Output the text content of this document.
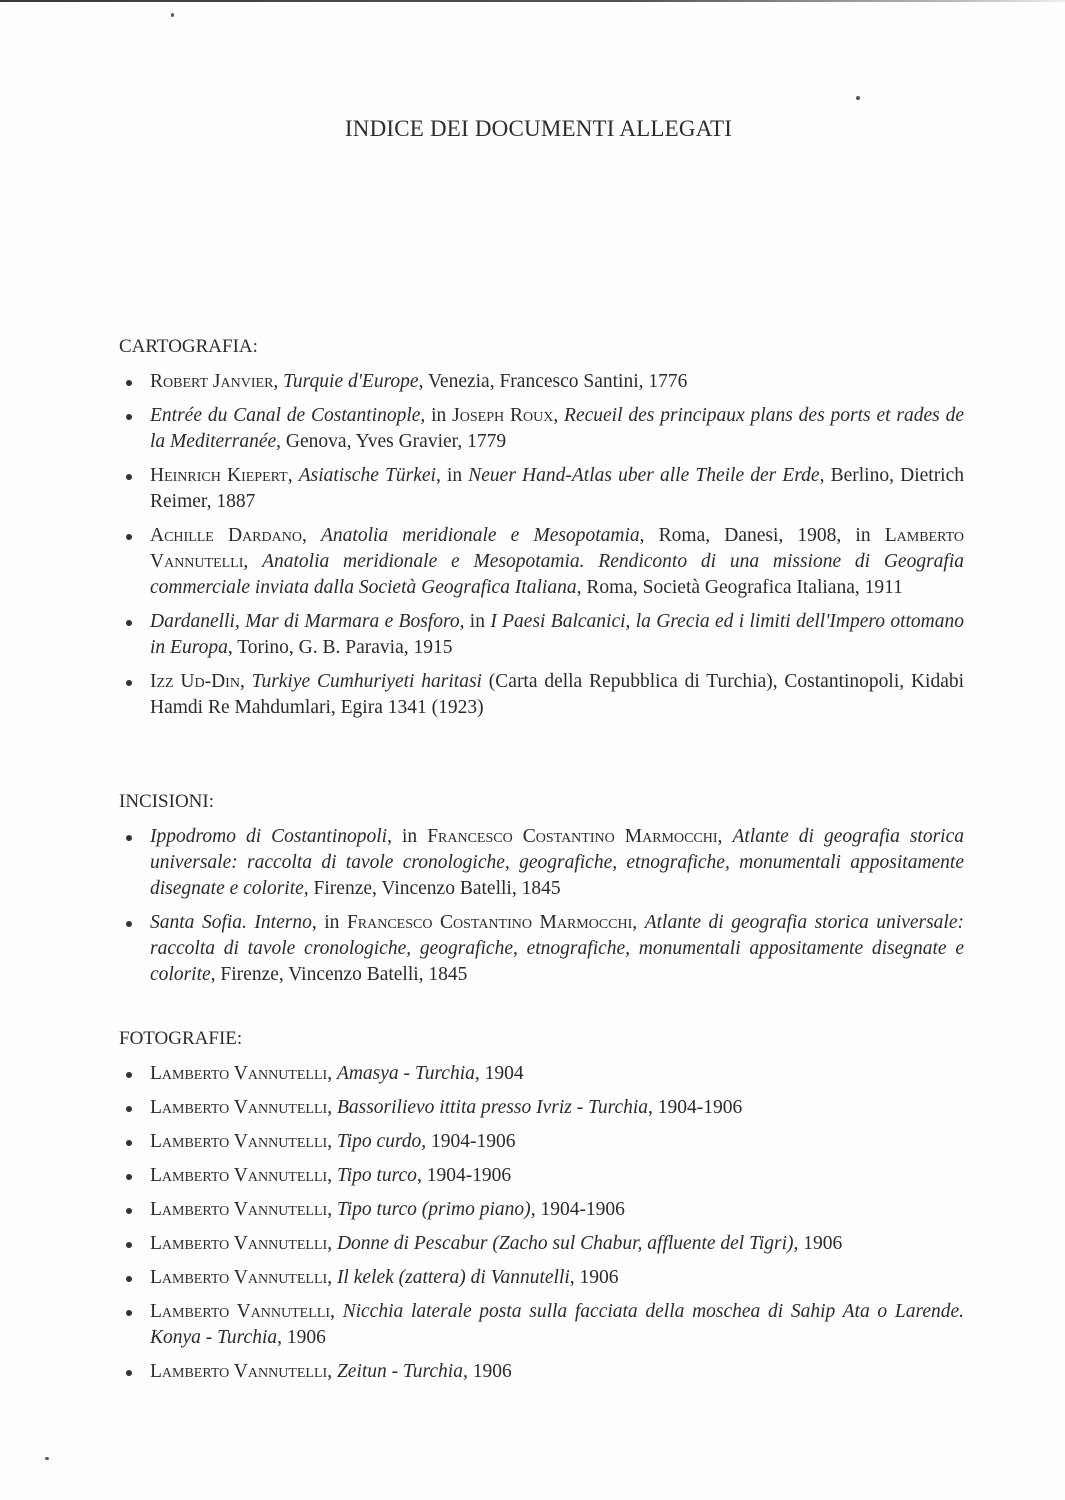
INDICE DEI DOCUMENTI ALLEGATI
CARTOGRAFIA:
Robert Janvier, Turquie d'Europe, Venezia, Francesco Santini, 1776
Entrée du Canal de Costantinople, in Joseph Roux, Recueil des principaux plans des ports et rades de la Mediterranée, Genova, Yves Gravier, 1779
Heinrich Kiepert, Asiatische Türkei, in Neuer Hand-Atlas uber alle Theile der Erde, Berlino, Dietrich Reimer, 1887
Achille Dardano, Anatolia meridionale e Mesopotamia, Roma, Danesi, 1908, in Lamberto Vannutelli, Anatolia meridionale e Mesopotamia. Rendiconto di una missione di Geografia commerciale inviata dalla Società Geografica Italiana, Roma, Società Geografica Italiana, 1911
Dardanelli, Mar di Marmara e Bosforo, in I Paesi Balcanici, la Grecia ed i limiti dell'Impero ottomano in Europa, Torino, G. B. Paravia, 1915
Izz Ud-Din, Turkiye Cumhuriyeti haritasi (Carta della Repubblica di Turchia), Costantinopoli, Kidabi Hamdi Re Mahdumlari, Egira 1341 (1923)
INCISIONI:
Ippodromo di Costantinopoli, in Francesco Costantino Marmocchi, Atlante di geografia storica universale: raccolta di tavole cronologiche, geografiche, etnografiche, monumentali appositamente disegnate e colorite, Firenze, Vincenzo Batelli, 1845
Santa Sofia. Interno, in Francesco Costantino Marmocchi, Atlante di geografia storica universale: raccolta di tavole cronologiche, geografiche, etnografiche, monumentali appositamente disegnate e colorite, Firenze, Vincenzo Batelli, 1845
FOTOGRAFIE:
Lamberto Vannutelli, Amasya - Turchia, 1904
Lamberto Vannutelli, Bassorilievo ittita presso Ivriz - Turchia, 1904-1906
Lamberto Vannutelli, Tipo curdo, 1904-1906
Lamberto Vannutelli, Tipo turco, 1904-1906
Lamberto Vannutelli, Tipo turco (primo piano), 1904-1906
Lamberto Vannutelli, Donne di Pescabur (Zacho sul Chabur, affluente del Tigri), 1906
Lamberto Vannutelli, Il kelek (zattera) di Vannutelli, 1906
Lamberto Vannutelli, Nicchia laterale posta sulla facciata della moschea di Sahip Ata o Larende. Konya - Turchia, 1906
Lamberto Vannutelli, Zeitun - Turchia, 1906
